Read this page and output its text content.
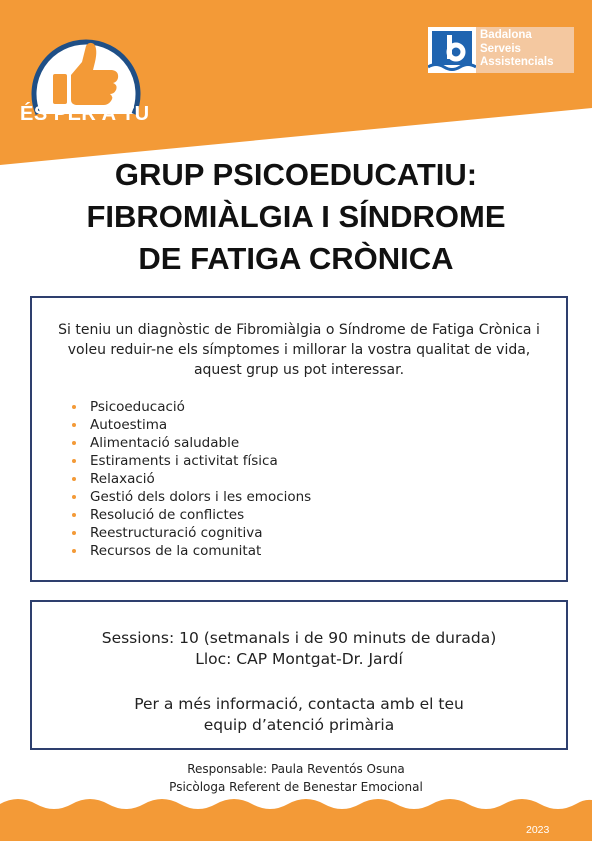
ÉS PER A TU
Badalona
Serveis
Assistencials
GRUP PSICOEDUCATIU:
FIBROMIÀLGIA I SÍNDROME
DE FATIGA CRÒNICA

Si teniu un diagnòstic de Fibromiàlgia o Síndrome de Fatiga Crònica i voleu reduir-ne els símptomes i millorar la vostra qualitat de vida, aquest grup us pot interessar.

Psicoeducació
Autoestima
Alimentació saludable
Estiraments i activitat física
Relaxació
Gestió dels dolors i les emocions
Resolució de conflictes
Reestructuració cognitiva
Recursos de la comunitat
Sessions: 10 (setmanals i de 90 minuts de durada)
Lloc: CAP Montgat-Dr. Jardí
Per a més informació, contacta amb el teu
equip d’atenció primària
Responsable: Paula Reventós Osuna
Psicòloga Referent de Benestar Emocional
2023
